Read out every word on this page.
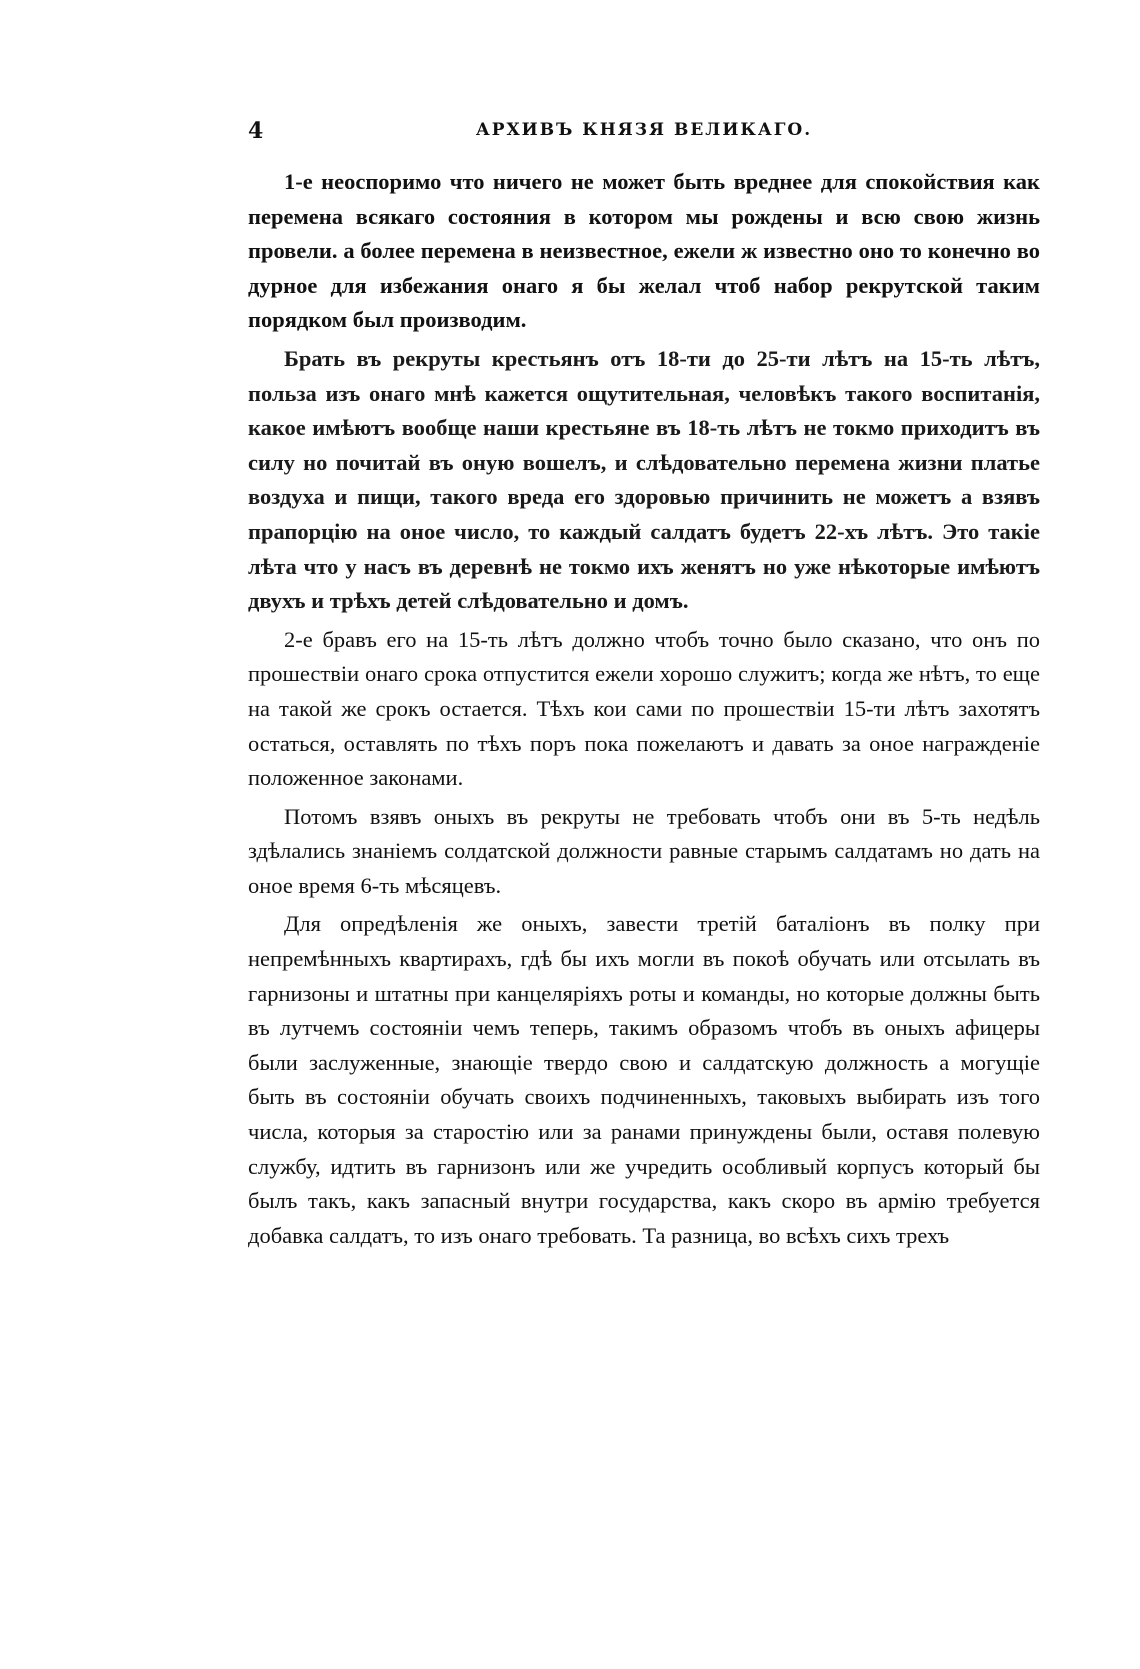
4	АРХИВЪ КНЯЗЯ ВЕЛИКАГО.

1-е неоспоримо что ничего не может быть вреднее для спокойствия как перемена всякаго состояния в котором мы рождены и всю свою жизнь провели. а более перемена в неизвестное, ежели ж известно оно то конечно во дурное для избежания онаго я бы желал чтоб набор рекрутской таким порядком был производим.

Брать въ рекруты крестьянъ отъ 18-ти до 25-ти лѣтъ на 15-ть лѣтъ, польза изъ онаго мнѣ кажется ощутительная, человѣкъ такого воспитанія, какое имѣютъ вообще наши крестьяне въ 18-ть лѣтъ не токмо приходитъ въ силу но почитай въ оную вошелъ, и слѣдовательно перемена жизни платье воздуха и пищи, такого вреда его здоровью причинить не можетъ а взявъ прапорцію на оное число, то каждый салдатъ будетъ 22-хъ лѣтъ. Это такіе лѣта что у насъ въ деревнѣ не токмо ихъ женятъ но уже нѣкоторые имѣютъ двухъ и трѣхъ детей слѣдовательно и домъ.

2-е бравъ его на 15-ть лѣтъ должно чтобъ точно было сказано, что онъ по прошествіи онаго срока отпустится ежели хорошо служитъ; когда же нѣтъ, то еще на такой же срокъ остается. Тѣхъ кои сами по прошествіи 15-ти лѣтъ захотятъ остаться, оставлять по тѣхъ поръ пока пожелаютъ и давать за оное награжденіе положенное законами.

Потомъ взявъ оныхъ въ рекруты не требовать чтобъ они въ 5-ть недѣль здѣлались знаніемъ солдатской должности равные старымъ салдатамъ но дать на оное время 6-ть мѣсяцевъ.

Для опредѣленія же оныхъ, завести третій баталіонъ въ полку при непремѣнныхъ квартирахъ, гдѣ бы ихъ могли въ покоѣ обучать или отсылать въ гарнизоны и штатны при канцеляріяхъ роты и команды, но которые должны быть въ лутчемъ состояніи чемъ теперь, такимъ образомъ чтобъ въ оныхъ афицеры были заслуженные, знающіе твердо свою и салдатскую должность а могущіе быть въ состояніи обучать своихъ подчиненныхъ, таковыхъ выбирать изъ того числа, которыя за старостію или за ранами принуждены были, оставя полевую службу, идтить въ гарнизонъ или же учредить особливый корпусъ который бы былъ такъ, какъ запасный внутри государства, какъ скоро въ армію требуется добавка салдатъ, то изъ онаго требовать. Та разница, во всѣхъ сихъ трехъ
